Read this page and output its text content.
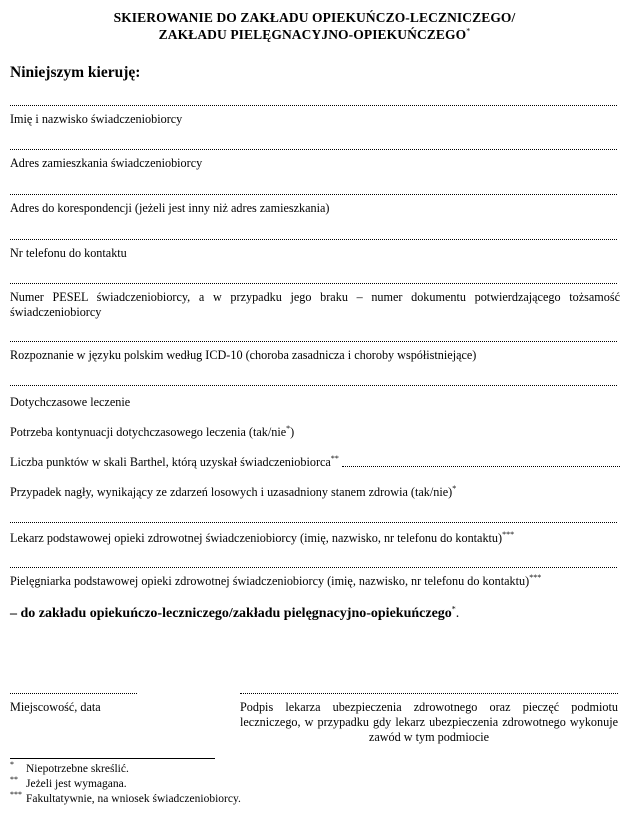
SKIEROWANIE DO ZAKŁADU OPIEKUŃCZO-LECZNICZEGO/
ZAKŁADU PIELĘGNACYJNO-OPIEKUŃCZEGO*
Niniejszym kieruję:
Imię i nazwisko świadczeniobiorcy
Adres zamieszkania świadczeniobiorcy
Adres do korespondencji (jeżeli jest inny niż adres zamieszkania)
Nr telefonu do kontaktu
Numer PESEL świadczeniobiorcy, a w przypadku jego braku – numer dokumentu potwierdzającego tożsamość świadczeniobiorcy
Rozpoznanie w języku polskim według ICD-10 (choroba zasadnicza i choroby współistniejące)
Dotychczasowe leczenie
Potrzeba kontynuacji dotychczasowego leczenia (tak/nie*)
Liczba punktów w skali Barthel, którą uzyskał świadczeniobiorca**
Przypadek nagły, wynikający ze zdarzeń losowych i uzasadniony stanem zdrowia (tak/nie)*
Lekarz podstawowej opieki zdrowotnej świadczeniobiorcy (imię, nazwisko, nr telefonu do kontaktu)***
Pielęgniarka podstawowej opieki zdrowotnej świadczeniobiorcy (imię, nazwisko, nr telefonu do kontaktu)***
– do zakładu opiekuńczo-leczniczego/zakładu pielęgnacyjno-opiekuńczego*.
Miejscowość, data	Podpis lekarza ubezpieczenia zdrowotnego oraz pieczęć podmiotu leczniczego, w przypadku gdy lekarz ubezpieczenia zdrowotnego wykonuje zawód w tym podmiocie
* Niepotrzebne skreślić.
** Jeżeli jest wymagana.
*** Fakultatywnie, na wniosek świadczeniobiorcy.
